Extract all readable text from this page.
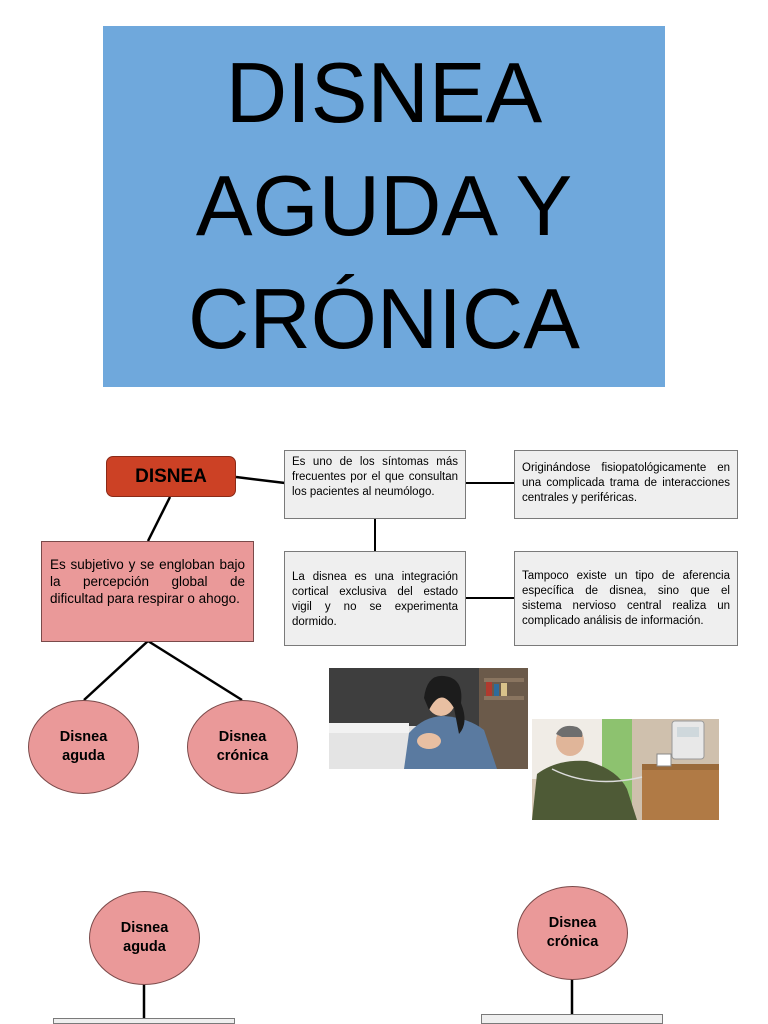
DISNEA
AGUDA Y
CRÓNICA
DISNEA
Es subjetivo y se engloban bajo la percepción global de dificultad para respirar o ahogo.
Es uno de los síntomas más frecuentes por el que consultan los pacientes al neumólogo.
Originándose fisiopatológicamente en una complicada trama de interacciones centrales y periféricas.
La disnea es una integración cortical exclusiva del estado vigil y no se experimenta dormido.
Tampoco existe un tipo de aferencia específica de disnea, sino que el sistema nervioso central realiza un complicado análisis de información.
Disnea aguda
Disnea crónica
Disnea aguda
Disnea crónica
